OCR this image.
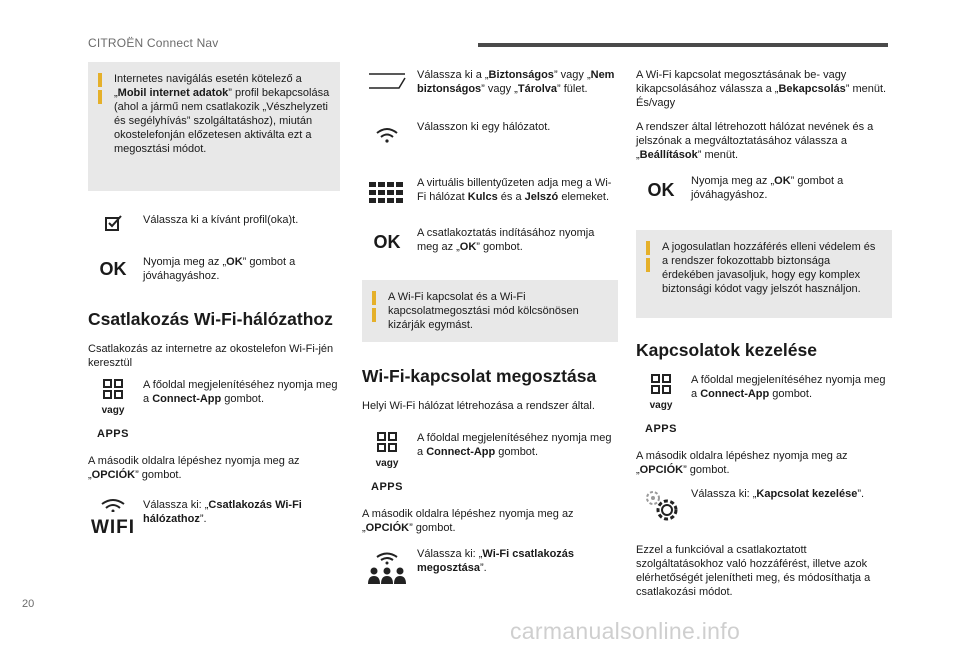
CITROËN Connect Nav
20
carmanualsonline.info
Internetes navigálás esetén kötelező a „Mobil internet adatok” profil bekapcsolása (ahol a jármű nem csatlakozik „Vészhelyzeti és segélyhívás” szolgáltatáshoz), miután okostelefonján előzetesen aktiválta ezt a megosztási módot.
Válassza ki a kívánt profil(oka)t.
OK	Nyomja meg az „OK” gombot a jóváhagyáshoz.
Csatlakozás Wi-Fi-hálózathoz

Csatlakozás az internetre az okostelefon Wi-Fi-jén keresztül

vagy
APPS
A főoldal megjelenítéséhez nyomja meg a Connect-App gombot.

A második oldalra lépéshez nyomja meg az „OPCIÓK” gombot.

WIFI
Válassza ki: „Csatlakozás Wi-Fi hálózathoz”.
Válassza ki a „Biztonságos” vagy „Nem biztonságos” vagy „Tárolva” fület.
Válasszon ki egy hálózatot.
A virtuális billentyűzeten adja meg a Wi-Fi hálózat Kulcs és a Jelszó elemeket.
OK	A csatlakoztatás indításához nyomja meg az „OK” gombot.
A Wi-Fi kapcsolat és a Wi-Fi kapcsolatmegosztási mód kölcsönösen kizárják egymást.
Wi-Fi-kapcsolat megosztása

Helyi Wi-Fi hálózat létrehozása a rendszer által.

vagy
APPS
A főoldal megjelenítéséhez nyomja meg a Connect-App gombot.

A második oldalra lépéshez nyomja meg az „OPCIÓK” gombot.

Válassza ki: „Wi-Fi csatlakozás megosztása”.

A Wi-Fi kapcsolat megosztásának be- vagy kikapcsolásához válassza a „Bekapcsolás” menüt.

És/vagy

A rendszer által létrehozott hálózat nevének és a jelszónak a megváltoztatásához válassza a „Beállítások” menüt.

OK	Nyomja meg az „OK” gombot a jóváhagyáshoz.
A jogosulatlan hozzáférés elleni védelem és a rendszer fokozottabb biztonsága érdekében javasoljuk, hogy egy komplex biztonsági kódot vagy jelszót használjon.
Kapcsolatok kezelése
vagy
APPS
A főoldal megjelenítéséhez nyomja meg a Connect-App gombot.

A második oldalra lépéshez nyomja meg az „OPCIÓK” gombot.

Válassza ki: „Kapcsolat kezelése”.

Ezzel a funkcióval a csatlakoztatott szolgáltatásokhoz való hozzáférést, illetve azok elérhetőségét jelenítheti meg, és módosíthatja a csatlakozási módot.
